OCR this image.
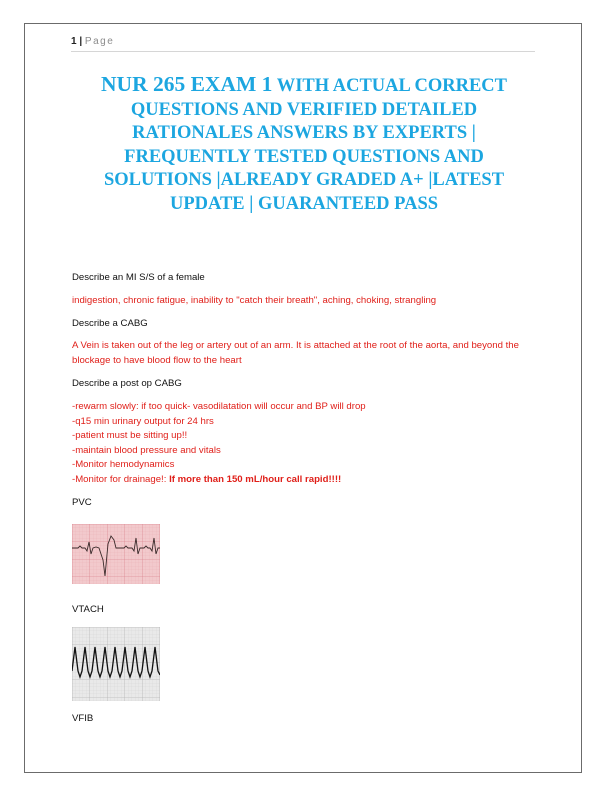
1 | Page
NUR 265 EXAM 1 WITH ACTUAL CORRECT QUESTIONS AND VERIFIED DETAILED RATIONALES ANSWERS BY EXPERTS | FREQUENTLY TESTED QUESTIONS AND SOLUTIONS |ALREADY GRADED A+ |LATEST UPDATE | GUARANTEED PASS
Describe an MI S/S of a female
indigestion, chronic fatigue, inability to "catch their breath", aching, choking, strangling
Describe a CABG
A Vein is taken out of the leg or artery out of an arm. It is attached at the root of the aorta, and beyond the blockage to have blood flow to the heart
Describe a post op CABG
-rewarm slowly: if too quick- vasodilatation will occur and BP will drop
-q15 min urinary output for 24 hrs
-patient must be sitting up!!
-maintain blood pressure and vitals
-Monitor hemodynamics
-Monitor for drainage!: If more than 150 mL/hour call rapid!!!!
PVC
VTACH
VFIB
